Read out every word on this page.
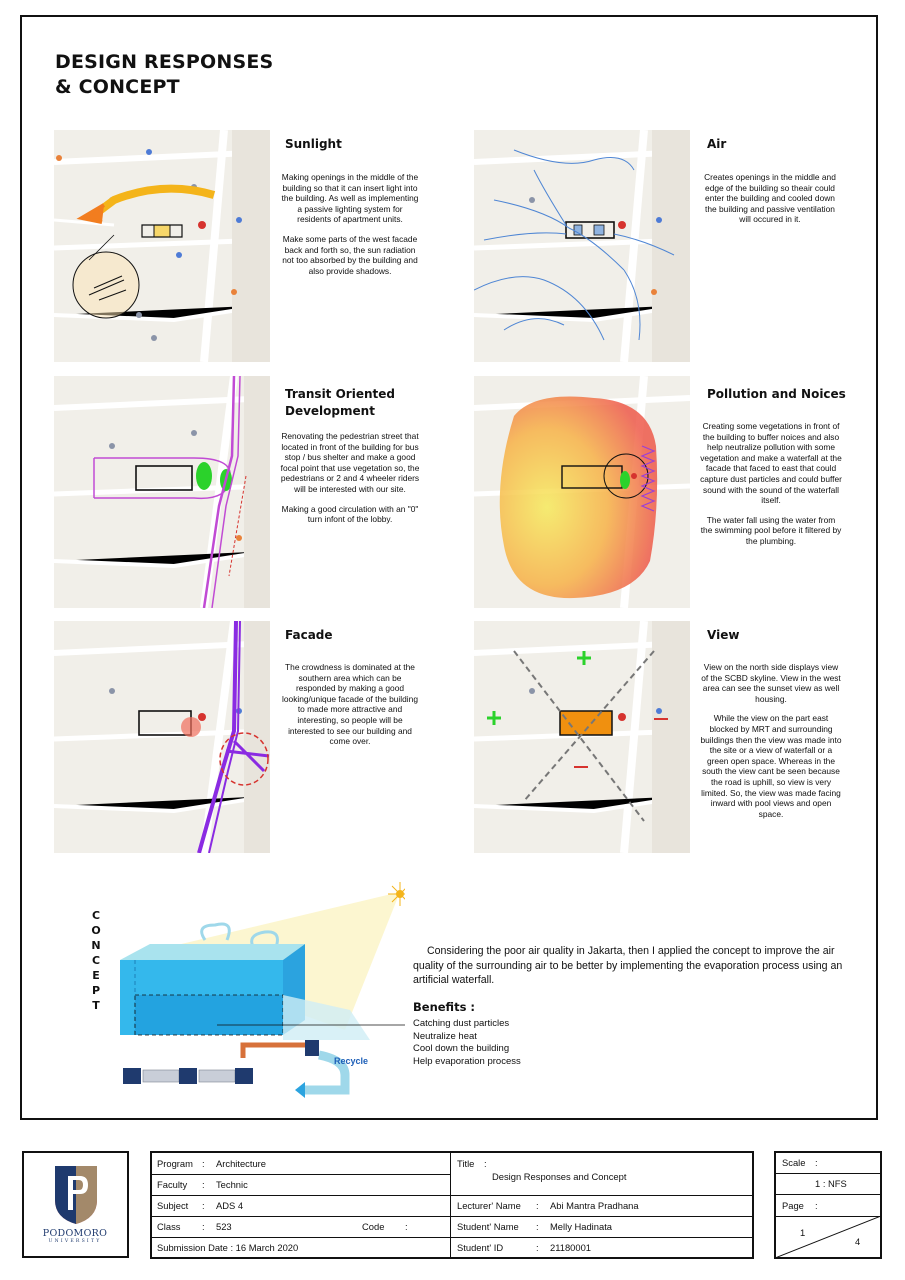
DESIGN RESPONSES
& CONCEPT
Sunlight

Making openings in the middle of the building so that it can insert light into the building. As well as implementing a passive lighting system for residents of apartment units.

Make some parts of the west facade back and forth so, the sun radiation not too absorbed by the building and also provide shadows.

Air

Creates openings in the middle and edge of the building so theair could enter the building and cooled down the building and passive ventilation will occured in it.

Transit Oriented
Development

Renovating the pedestrian street that located in front of the building for bus stop / bus shelter and make a good focal point that use vegetation so, the pedestrians or 2 and 4 wheeler riders will be interested with our site.

Making a good circulation with an "0" turn infont of the lobby.

Pollution and Noices

Creating some vegetations in front of the building to buffer noices and also help neutralize pollution with some vegetation and make a waterfall at the facade that faced to east that could capture dust particles and could buffer sound with the sound of the waterfall itself.

The water fall using the water from the swimming pool before it filtered by the plumbing.

Facade

The crowdness is dominated at the southern area which can be responded by making a good looking/unique facade of the building to made more attractive and interesting, so people will be interested to see our building and come over.

View

View on the north side displays view of the SCBD skyline. View in the west area can see the sunset view as well housing.

While the view on the part east blocked by MRT and surrounding buildings then the view was made into the site or a view of waterfall or a green open space. Whereas in the south the view cant be seen because the road is uphill, so view is very limited. So, the view was made facing inward with pool views and open space.

C
O
N
C
E
P
T
Recycle
Considering the poor air quality in Jakarta, then I applied the concept to improve the air quality of the surrounding air to be better by implementing the evaporation process using an artificial waterfall.
Benefits :
Catching dust particles
Neutralize heat
Cool down the building
Help evaporation process
PODOMORO
UNIVERSITY
Program : Architecture
Faculty : Technic
Subject : ADS 4
Class : 523	Code :
Submission Date : 16 March 2020
Title :
Design Responses and Concept
Lecturer' Name : Abi Mantra Pradhana
Student' Name : Melly Hadinata
Student' ID	: 21180001
Scale :
1 : NFS
Page :
1
4
